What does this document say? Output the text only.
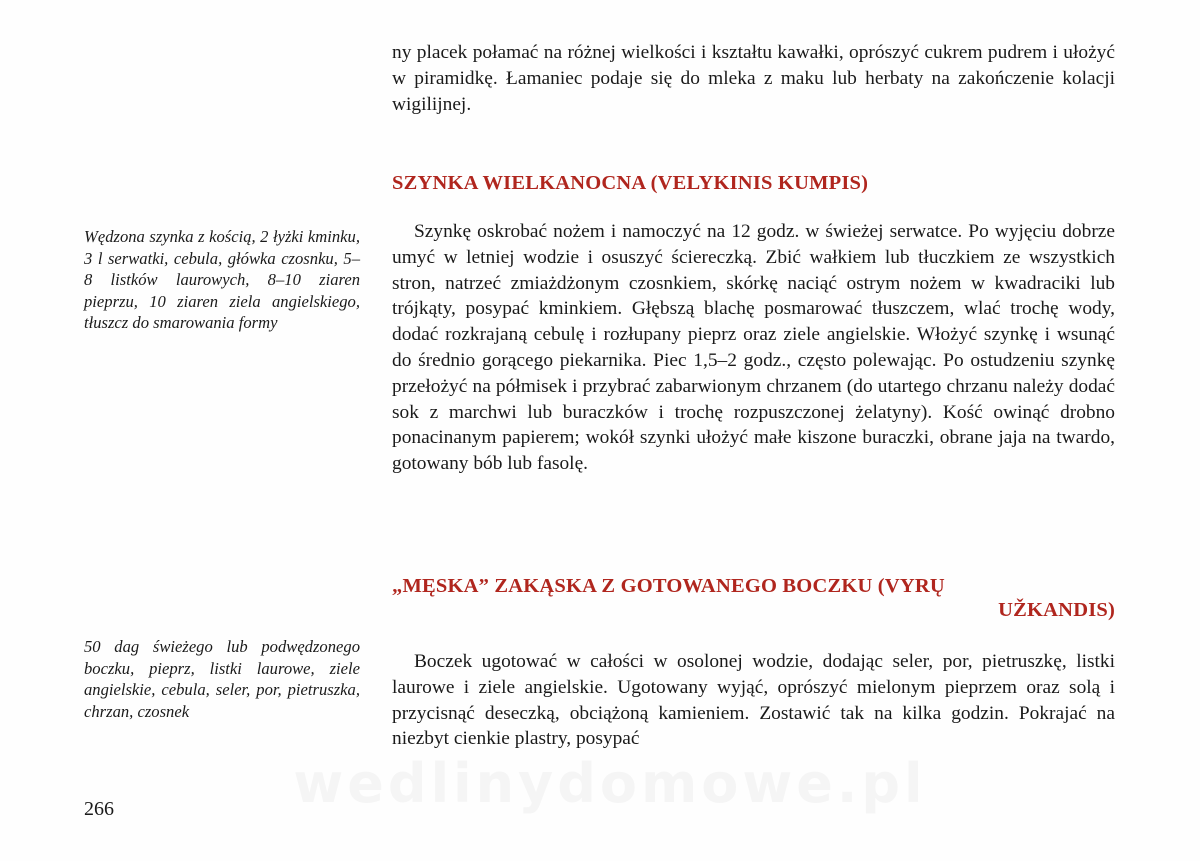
ny placek połamać na różnej wielkości i kształtu kawałki, oprószyć cukrem pudrem i ułożyć w piramidkę. Łamaniec podaje się do mleka z maku lub herbaty na zakończenie kolacji wigilijnej.

SZYNKA WIELKANOCNA (VELYKINIS KUMPIS)

Wędzona szynka z kością, 2 łyżki kminku, 3 l serwatki, cebula, główka czosnku, 5–8 listków laurowych, 8–10 ziaren pieprzu, 10 ziaren ziela angielskiego, tłuszcz do smarowania formy

Szynkę oskrobać nożem i namoczyć na 12 godz. w świeżej serwatce. Po wyjęciu dobrze umyć w letniej wodzie i osuszyć ściereczką. Zbić wałkiem lub tłuczkiem ze wszystkich stron, natrzeć zmiażdżonym czosnkiem, skórkę naciąć ostrym nożem w kwadraciki lub trójkąty, posypać kminkiem. Głębszą blachę posmarować tłuszczem, wlać trochę wody, dodać rozkrajaną cebulę i rozłupany pieprz oraz ziele angielskie. Włożyć szynkę i wsunąć do średnio gorącego piekarnika. Piec 1,5–2 godz., często polewając. Po ostudzeniu szynkę przełożyć na półmisek i przybrać zabarwionym chrzanem (do utartego chrzanu należy dodać sok z marchwi lub buraczków i trochę rozpuszczonej żelatyny). Kość owinąć drobno ponacinanym papierem; wokół szynki ułożyć małe kiszone buraczki, obrane jaja na twardo, gotowany bób lub fasolę.

„MĘSKA” ZAKĄSKA Z GOTOWANEGO BOCZKU (VYRŲ
UŽKANDIS)

50 dag świeżego lub podwędzonego boczku, pieprz, listki laurowe, ziele angielskie, cebula, seler, por, pietruszka, chrzan, czosnek

Boczek ugotować w całości w osolonej wodzie, dodając seler, por, pietruszkę, listki laurowe i ziele angielskie. Ugotowany wyjąć, oprószyć mielonym pieprzem oraz solą i przycisnąć deseczką, obciążoną kamieniem. Zostawić tak na kilka godzin. Pokrajać na niezbyt cienkie plastry, posypać

wedlinydomowe.pl
266
